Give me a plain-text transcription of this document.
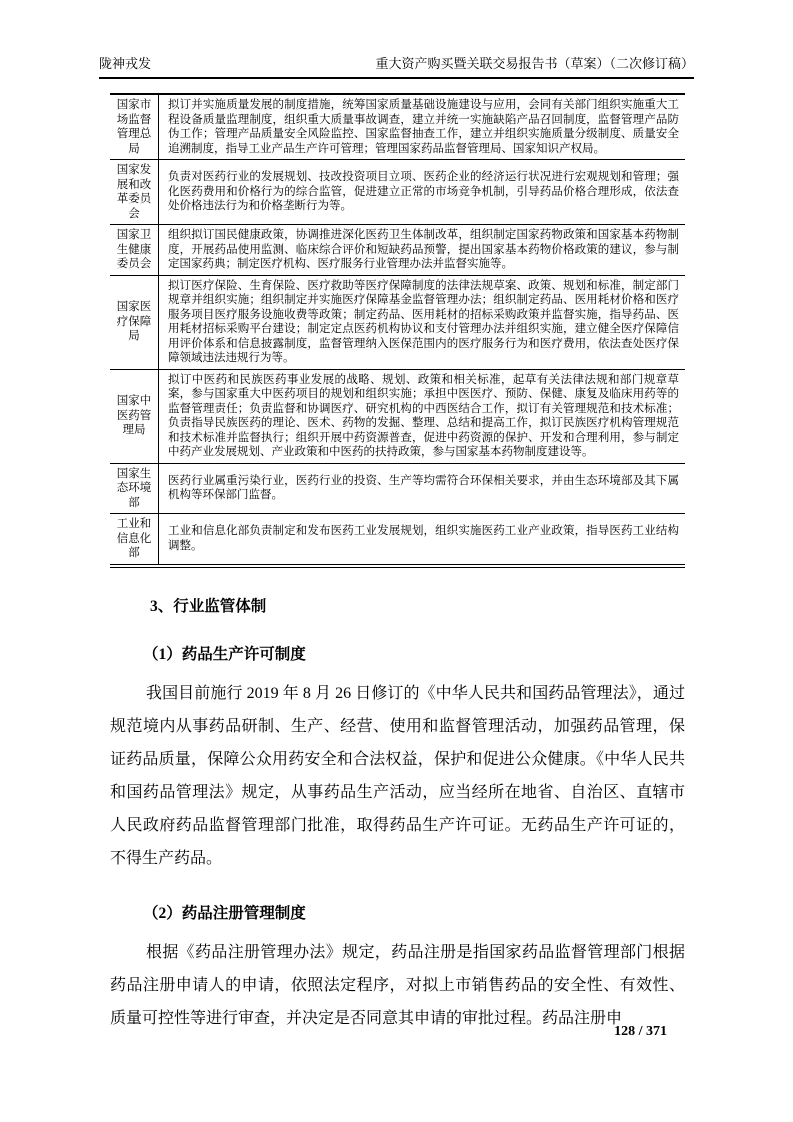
陇神戎发	重大资产购买暨关联交易报告书（草案）（二次修订稿）
国家市场监督管理总局	拟订并实施质量发展的制度措施，统筹国家质量基础设施建设与应用，会同有关部门组织实施重大工程设备质量监理制度，组织重大质量事故调查，建立并统一实施缺陷产品召回制度，监督管理产品防伪工作；管理产品质量安全风险监控、国家监督抽查工作，建立并组织实施质量分级制度、质量安全追溯制度，指导工业产品生产许可管理；管理国家药品监督管理局、国家知识产权局。
国家发展和改革委员会	负责对医药行业的发展规划、技改投资项目立项、医药企业的经济运行状况进行宏观规划和管理；强化医药费用和价格行为的综合监管，促进建立正常的市场竞争机制，引导药品价格合理形成，依法查处价格违法行为和价格垄断行为等。
国家卫生健康委员会	组织拟订国民健康政策，协调推进深化医药卫生体制改革，组织制定国家药物政策和国家基本药物制度，开展药品使用监测、临床综合评价和短缺药品预警，提出国家基本药物价格政策的建议，参与制定国家药典；制定医疗机构、医疗服务行业管理办法并监督实施等。
国家医疗保障局	拟订医疗保险、生育保险、医疗救助等医疗保障制度的法律法规草案、政策、规划和标准，制定部门规章并组织实施；组织制定并实施医疗保障基金监督管理办法；组织制定药品、医用耗材价格和医疗服务项目医疗服务设施收费等政策；制定药品、医用耗材的招标采购政策并监督实施，指导药品、医用耗材招标采购平台建设；制定定点医药机构协议和支付管理办法并组织实施，建立健全医疗保障信用评价体系和信息披露制度，监督管理纳入医保范围内的医疗服务行为和医疗费用，依法查处医疗保障领域违法违规行为等。
国家中医药管理局	拟订中医药和民族医药事业发展的战略、规划、政策和相关标准，起草有关法律法规和部门规章草案，参与国家重大中医药项目的规划和组织实施；承担中医医疗、预防、保健、康复及临床用药等的监督管理责任；负责监督和协调医疗、研究机构的中西医结合工作，拟订有关管理规范和技术标准；负责指导民族医药的理论、医术、药物的发掘、整理、总结和提高工作，拟订民族医疗机构管理规范和技术标准并监督执行；组织开展中药资源普查，促进中药资源的保护、开发和合理利用，参与制定中药产业发展规划、产业政策和中医药的扶持政策，参与国家基本药物制度建设等。
国家生态环境部	医药行业属重污染行业，医药行业的投资、生产等均需符合环保相关要求，并由生态环境部及其下属机构等环保部门监督。
工业和信息化部	工业和信息化部负责制定和发布医药工业发展规划，组织实施医药工业产业政策，指导医药工业结构调整。
3、行业监管体制
（1）药品生产许可制度

我国目前施行 2019 年 8 月 26 日修订的《中华人民共和国药品管理法》，通过规范境内从事药品研制、生产、经营、使用和监督管理活动，加强药品管理，保证药品质量，保障公众用药安全和合法权益，保护和促进公众健康。《中华人民共和国药品管理法》规定，从事药品生产活动，应当经所在地省、自治区、直辖市人民政府药品监督管理部门批准，取得药品生产许可证。无药品生产许可证的，不得生产药品。

（2）药品注册管理制度

根据《药品注册管理办法》规定，药品注册是指国家药品监督管理部门根据药品注册申请人的申请，依照法定程序，对拟上市销售药品的安全性、有效性、质量可控性等进行审查，并决定是否同意其申请的审批过程。药品注册申

128 / 371
